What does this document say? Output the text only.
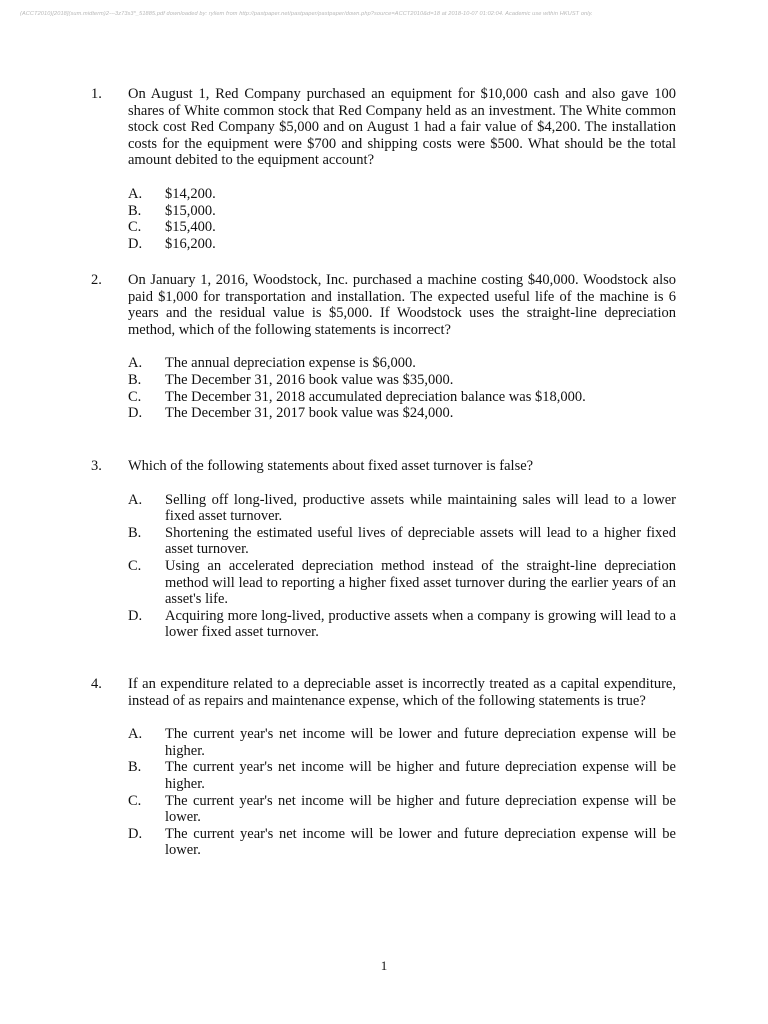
(ACCT2010)[2018](sum.midterm)2---3z73s3*_51885.pdf downloaded by: ryliem from http://pastpaper.net/pastpaper/pastpaper/down.php?source=ACCT2010&d=18 at 2018-10-07 01:02:04. Academic use within HKUST only.
1. On August 1, Red Company purchased an equipment for $10,000 cash and also gave 100 shares of White common stock that Red Company held as an investment. The White common stock cost Red Company $5,000 and on August 1 had a fair value of $4,200. The installation costs for the equipment were $700 and shipping costs were $500. What should be the total amount debited to the equipment account?
A. $14,200.
B. $15,000.
C. $15,400.
D. $16,200.
2. On January 1, 2016, Woodstock, Inc. purchased a machine costing $40,000. Woodstock also paid $1,000 for transportation and installation. The expected useful life of the machine is 6 years and the residual value is $5,000. If Woodstock uses the straight-line depreciation method, which of the following statements is incorrect?
A. The annual depreciation expense is $6,000.
B. The December 31, 2016 book value was $35,000.
C. The December 31, 2018 accumulated depreciation balance was $18,000.
D. The December 31, 2017 book value was $24,000.
3. Which of the following statements about fixed asset turnover is false?
A. Selling off long-lived, productive assets while maintaining sales will lead to a lower fixed asset turnover.
B. Shortening the estimated useful lives of depreciable assets will lead to a higher fixed asset turnover.
C. Using an accelerated depreciation method instead of the straight-line depreciation method will lead to reporting a higher fixed asset turnover during the earlier years of an asset's life.
D. Acquiring more long-lived, productive assets when a company is growing will lead to a lower fixed asset turnover.
4. If an expenditure related to a depreciable asset is incorrectly treated as a capital expenditure, instead of as repairs and maintenance expense, which of the following statements is true?
A. The current year's net income will be lower and future depreciation expense will be higher.
B. The current year's net income will be higher and future depreciation expense will be higher.
C. The current year's net income will be higher and future depreciation expense will be lower.
D. The current year's net income will be lower and future depreciation expense will be lower.
1
